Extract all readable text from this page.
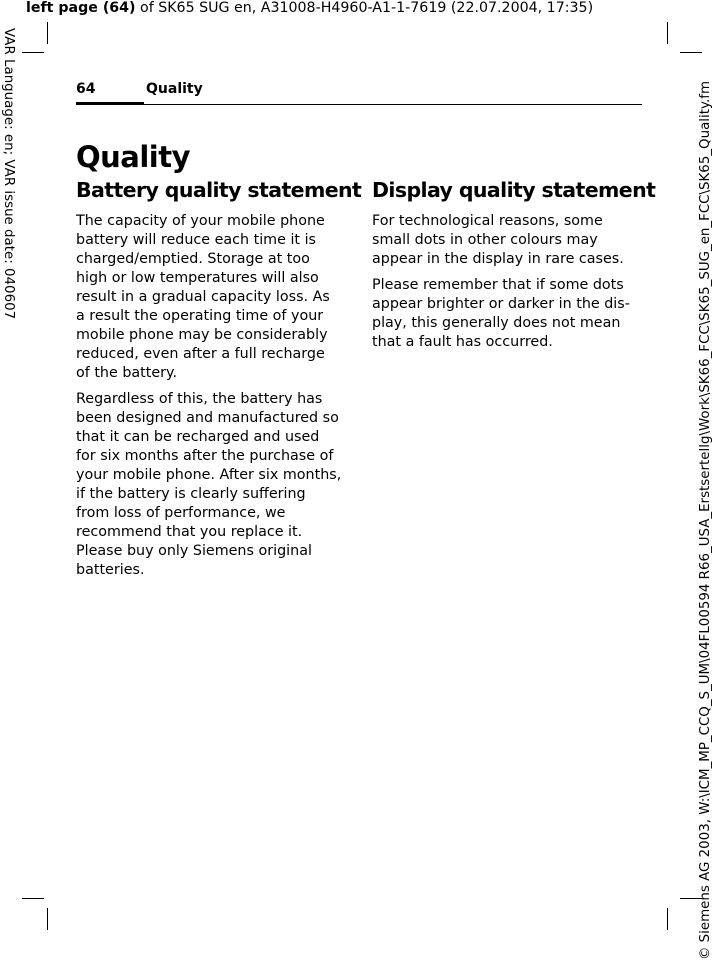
left page (64) of SK65 SUG en, A31008-H4960-A1-1-7619 (22.07.2004, 17:35)
VAR Language: en; VAR issue date: 040607	© Siemens AG 2003, W:\ICM_MP_CCQ_S_UM\04FL00594 R66_USA_Erstsertellg\Work\SK66_FCC\SK65_SUG_en_FCC\SK65_Quality.fm
64	Quality
Quality
Battery quality statement

The capacity of your mobile phone battery will reduce each time it is charged/emptied. Storage at too high or low temperatures will also result in a gradual capacity loss. As a result the operating time of your mobile phone may be considerably reduced, even after a full recharge of the battery.

Regardless of this, the battery has been designed and manufactured so that it can be recharged and used for six months after the purchase of your mobile phone. After six months, if the battery is clearly suffering from loss of performance, we recommend that you replace it. Please buy only Siemens original batteries.

Display quality statement

For technological reasons, some small dots in other colours may appear in the display in rare cases.

Please remember that if some dots appear brighter or darker in the dis-play, this generally does not mean that a fault has occurred.
